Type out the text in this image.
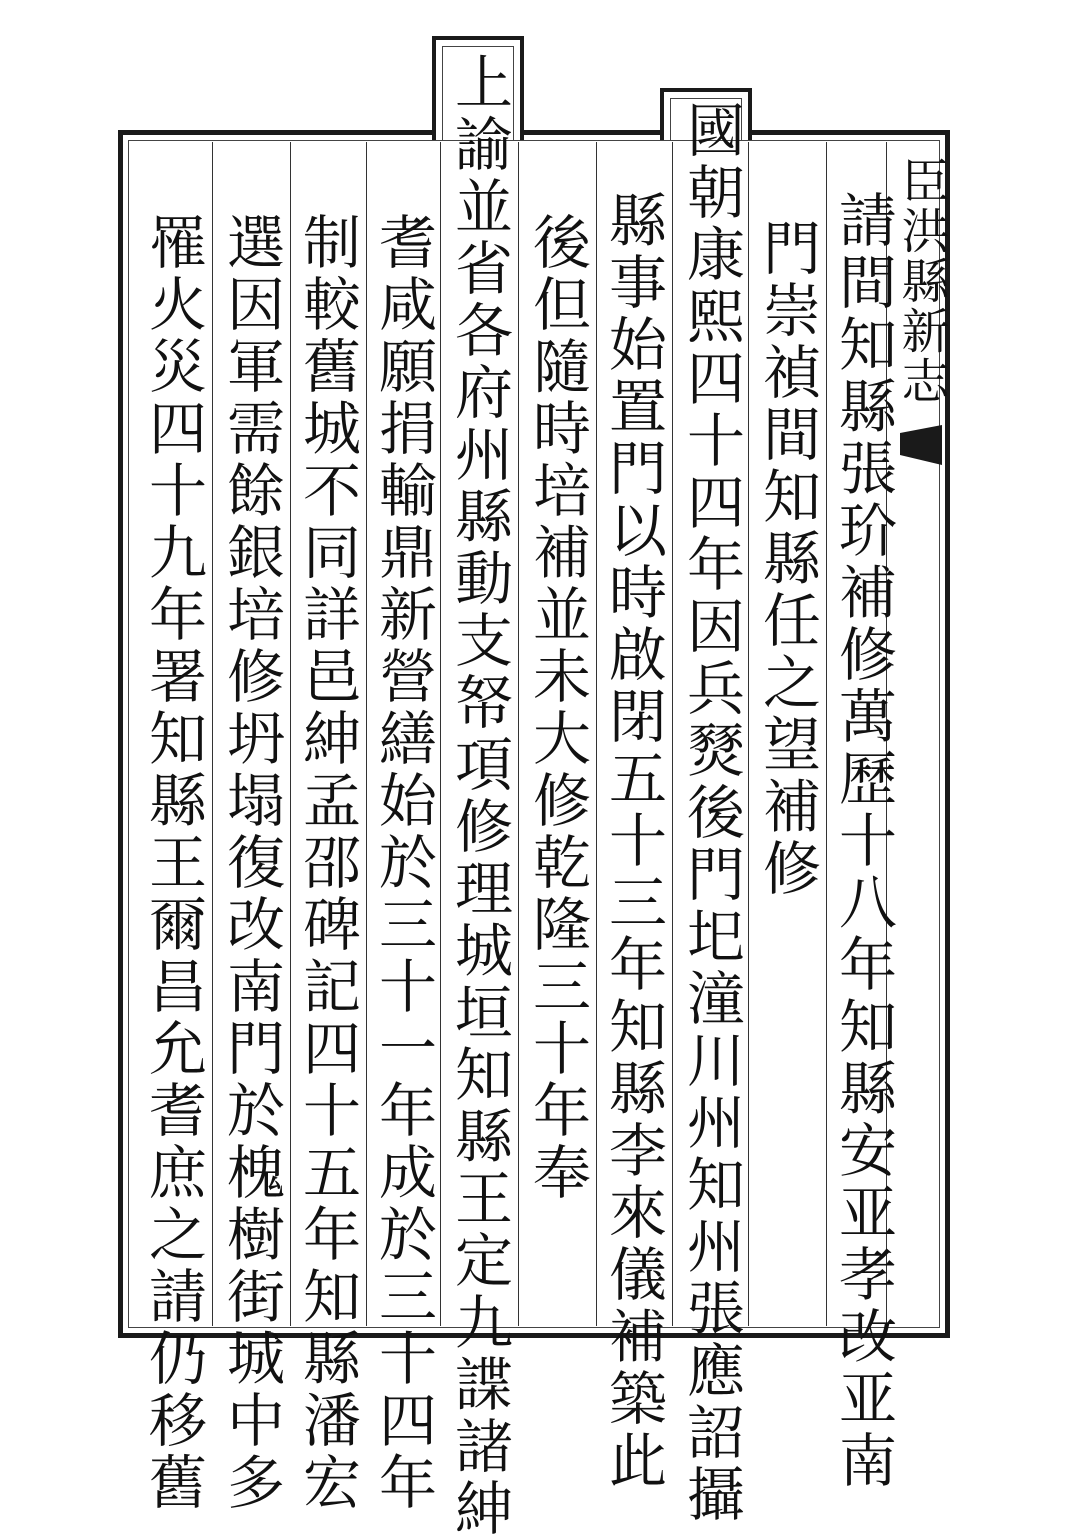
臣洪縣新志
請間知縣張玠補修萬歷十八年知縣安亚孝改亚南
門崇禎間知縣任之望補修
國朝康熙四十四年因兵燹後門圯潼川州知州張應詔攝
縣事始置門以時啟閉五十三年知縣李來儀補築此
後但隨時培補並未大修乾隆三十年奉
上諭並省各府州縣動支帑項修理城垣知縣王定九諜諸紳
耆咸願捐輸鼎新營繕始於三十一年成於三十四年
制較舊城不同詳邑紳孟邵碑記四十五年知縣潘宏
選因軍需餘銀培修坍塌復改南門於槐樹街城中多
罹火災四十九年署知縣王爾昌允耆庶之請仍移舊
